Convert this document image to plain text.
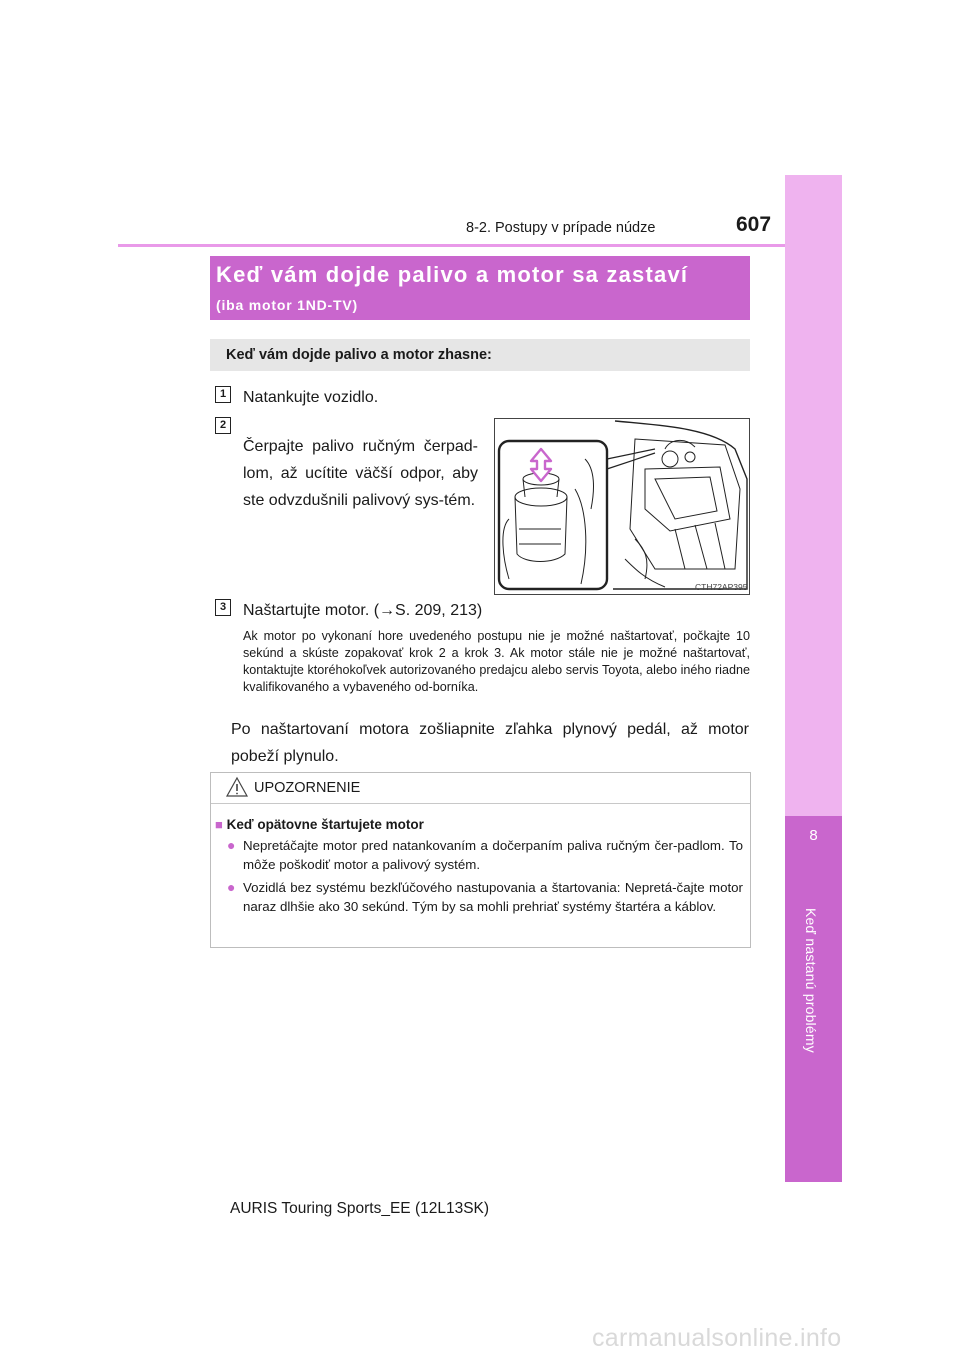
8
Keď nastanú problémy
8-2. Postupy v prípade núdze	607
Keď vám dojde palivo a motor sa zastaví
(iba motor 1ND-TV)
Keď vám dojde palivo a motor zhasne:
1	Natankujte vozidlo.
2
Čerpajte palivo ručným čerpad-lom, až ucítite väčší odpor, aby ste odvzdušnili palivový sys-tém.
CTH72AP395
3	Naštartujte motor. (→S. 209, 213)
Ak motor po vykonaní hore uvedeného postupu nie je možné naštartovať, počkajte 10 sekúnd a skúste zopakovať krok 2 a krok 3. Ak motor stále nie je možné naštartovať, kontaktujte ktoréhokoľvek autorizovaného predajcu alebo servis Toyota, alebo iného riadne kvalifikovaného a vybaveného od-borníka.
Po naštartovaní motora zošliapnite zľahka plynový pedál, až motor pobeží plynulo.
UPOZORNENIE
■ Keď opätovne štartujete motor
● Nepretáčajte motor pred natankovaním a dočerpaním paliva ručným čer-padlom. To môže poškodiť motor a palivový systém.
● Vozidlá bez systému bezkľúčového nastupovania a štartovania: Nepretá-čajte motor naraz dlhšie ako 30 sekúnd. Tým by sa mohli prehriať systémy štartéra a káblov.
AURIS Touring Sports_EE (12L13SK)
carmanualsonline.info
